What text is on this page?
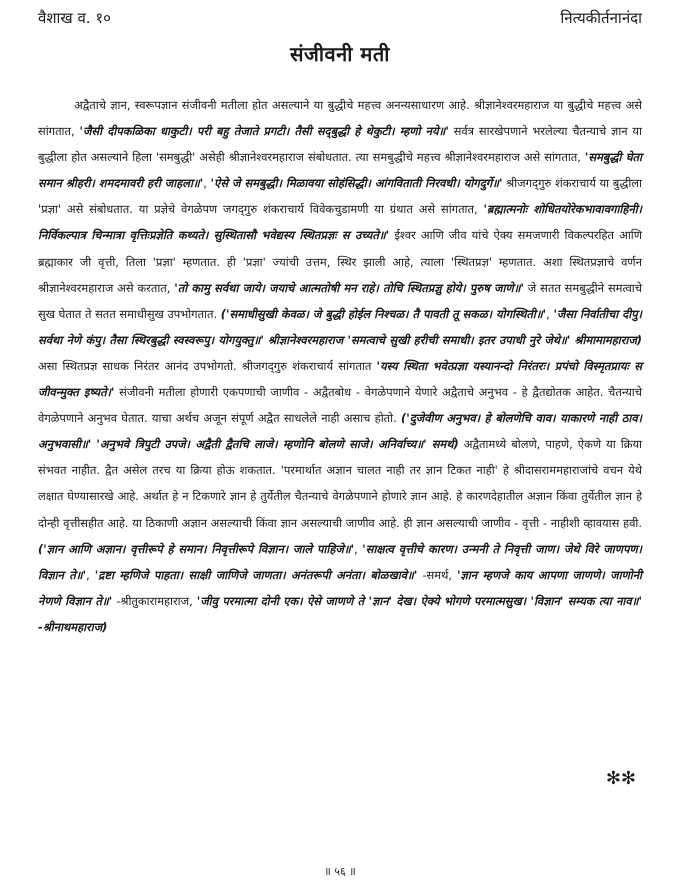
वैशाख व. १०	नित्यकीर्तनानंदा
संजीवनी मती

अद्वैताचे ज्ञान, स्वरूपज्ञान संजीवनी मतीला होत असल्याने या बुद्धीचे महत्त्व अनन्यसाधारण आहे. श्रीज्ञानेश्वरमहाराज या बुद्धीचे महत्त्व असे सांगतात, 'जैसी दीपकळिका धाकुटी। परी बहु तेजाते प्रगटी। तैसी सद्‌बुद्धी हे थेकुटी। म्हणो नये॥' सर्वत्र सारखेपणाने भरलेल्या चैतन्याचे ज्ञान या बुद्धीला होत असल्याने हिला 'समबुद्धी' असेही श्रीज्ञानेश्वरमहाराज संबोधतात. त्या समबुद्धीचे महत्त्व श्रीज्ञानेश्वरमहाराज असे सांगतात, 'समबुद्धी घेता समान श्रीहरी। शमदमावरी हरी जाहला॥', 'ऐसे जे समबुद्धी। मिळावया सोहंसिद्धी। आंगविताती निरवधी। योगदुर्गे॥' श्रीजगद्‌गुरु शंकराचार्य या बुद्धीला 'प्रज्ञा' असे संबोधतात. या प्रज्ञेचे वेगळेपण जगद्‌गुरु शंकराचार्य विवेकचुडामणी या ग्रंथात असे सांगतात, 'ब्रह्मात्मनोः शोधितयोरेकभावावगाहिनी। निर्विकल्पात्र चिन्मात्रा वृत्तिःप्रज्ञेति कथ्यते। सुस्थितासौ भवेद्यस्य स्थितप्रज्ञः स उच्यते॥' ईश्वर आणि जीव यांचे ऐक्य समजणारी विकल्परहित आणि ब्रह्माकार जी वृत्ती, तिला 'प्रज्ञा' म्हणतात. ही 'प्रज्ञा' ज्यांची उत्तम, स्थिर झाली आहे, त्याला 'स्थितप्रज्ञ' म्हणतात. अशा स्थितप्रज्ञाचे वर्णन श्रीज्ञानेश्वरमहाराज असे करतात, 'तो कामु सर्वथा जाये। जयाचे आत्मतोषी मन राहे। तोचि स्थितप्रज्ञु होये। पुरुष जाणे॥' जे सतत समबुद्धीने समत्वाचे सुख घेतात ते सतत समाधीसुख उपभोगतात. ('समाधीसुखी केवळ। जे बुद्धी होईल निश्चळ। तै पावती तू सकळ। योगस्थिती॥', 'जैसा निर्वातीचा दीपु। सर्वथा नेणे कंपु। तैसा स्थिरबुद्धी स्वस्वरूपु। योगयुक्तु॥' श्रीज्ञानेश्वरमहाराज 'समत्वाचे सुखी हरीची समाधी। इतर उपाधी नुरे जेथे॥' श्रीमामामहाराज) असा स्थितप्रज्ञ साधक निरंतर आनंद उपभोगतो. श्रीजगद्‌गुरु शंकराचार्य सांगतात 'यस्य स्थिता भवेत्प्रज्ञा यस्यानन्दो निरंतरः। प्रपंचो विस्मृतप्रायः स जीवन्मुक्त इष्यते।' संजीवनी मतीला होणारी एकपणाची जाणीव - अद्वैतबोध - वेगळेपणाने येणारे अद्वैताचे अनुभव - हे द्वैतद्योतक आहेत. चैतन्याचे वेगळेपणाने अनुभव घेतात. याचा अर्थच अजून संपूर्ण अद्वैत साधलेले नाही असाच होतो. ('दुजेवीण अनुभव। हे बोलणेचि वाव। याकारणे नाही ठाव। अनुभवासी॥' 'अनुभवे त्रिपुटी उपजे। अद्वैती द्वैतचि लाजे। म्हणोनि बोलणे साजे। अनिर्वाच्य॥' समर्थ) अद्वैतामध्ये बोलणे, पाहणे, ऐकणे या क्रिया संभवत नाहीत. द्वैत असेल तरच या क्रिया होऊ शकतात. 'परमार्थात अज्ञान चालत नाही तर ज्ञान टिकत नाही' हे श्रीदासराममहाराजांचे वचन येथे लक्षात घेण्यासारखे आहे. अर्थात हे न टिकणारे ज्ञान हे तुर्येतील चैतन्याचे वेगळेपणाने होणारे ज्ञान आहे. हे कारणदेहातील अज्ञान किंवा तुर्येतील ज्ञान हे दोन्ही वृत्तीसहीत आहे. या ठिकाणी अज्ञान असल्याची किंवा ज्ञान असल्याची जाणीव आहे. ही ज्ञान असल्याची जाणीव - वृत्ती - नाहीशी व्हावयास हवी. ('ज्ञान आणि अज्ञान। वृत्तीरूपे हे समान। निवृत्तीरूपे विज्ञान। जाले पाहिजे॥', 'साक्षत्व वृत्तीचे कारण। उन्मनी ते निवृत्ती जाण। जेथे विरे जाणपण। विज्ञान ते॥', 'द्रष्टा म्हणिजे पाहता। साक्षी जाणिजे जाणता। अनंतरूपी अनंता। बोळखावे॥' -समर्थ, 'ज्ञान म्हणजे काय आपणा जाणणे। जाणोनी नेणणे विज्ञान ते॥' -श्रीतुकारामहाराज, 'जीवु परमात्मा दोनी एक। ऐसे जाणणे ते 'ज्ञान' देख। ऐक्ये भोगणे परमात्मसुख। 'विज्ञान' सम्यक त्या नाव॥' -श्रीनाथमहाराज)

✻✻
॥ ५६ ॥
